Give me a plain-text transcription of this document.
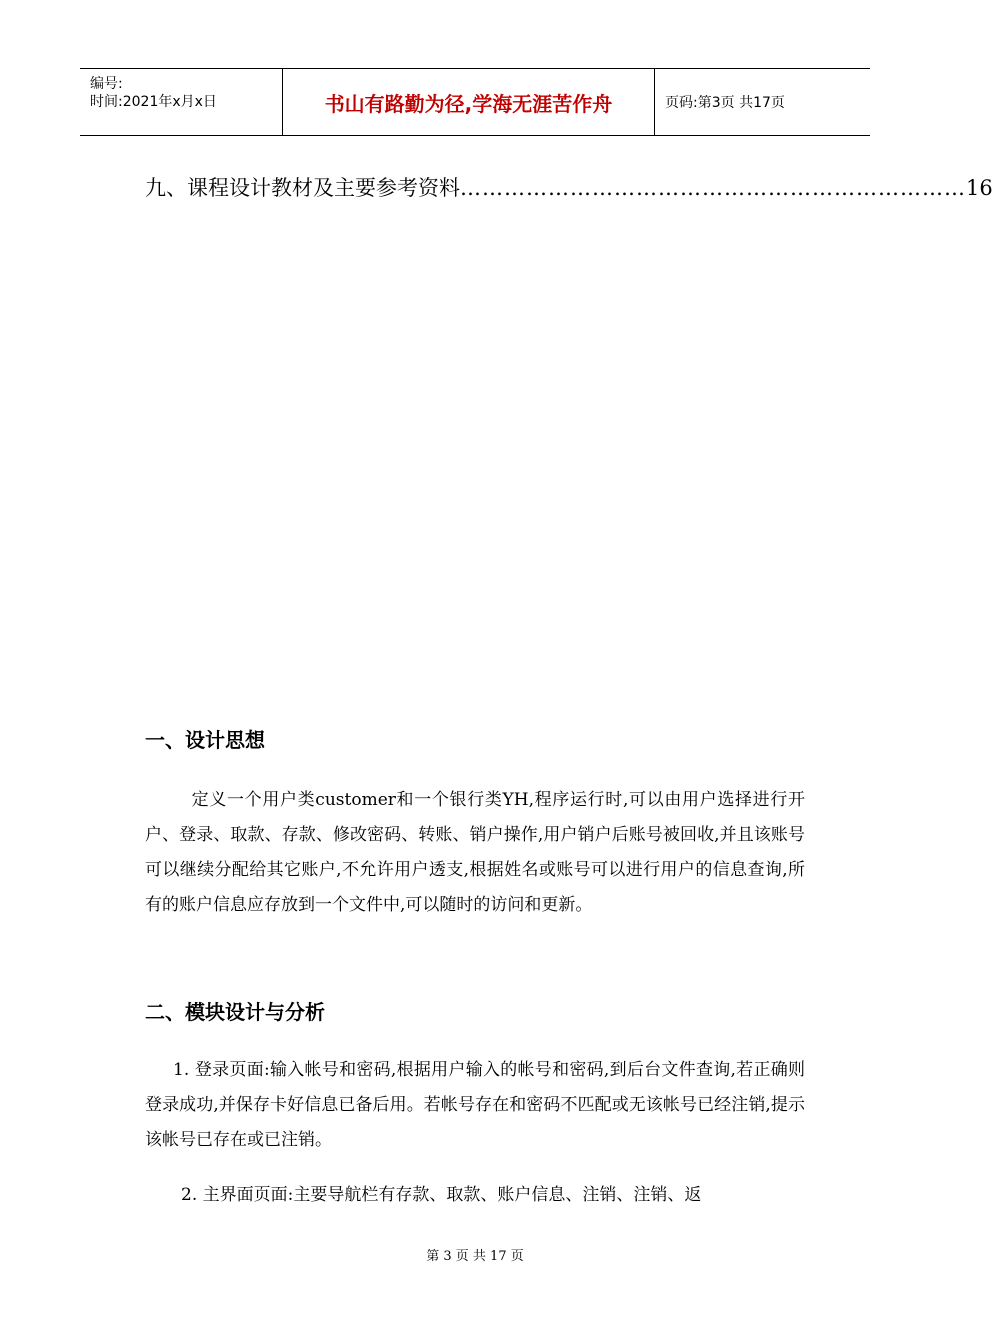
编号:
时间:2021年x月x日	书山有路勤为径,学海无涯苦作舟	页码:第3页 共17页
九、课程设计教材及主要参考资料 …………………………………………………………… 16
一、设计思想

定义一个用户类customer和一个银行类YH,程序运行时,可以由用户选择进行开户、登录、取款、存款、修改密码、转账、销户操作,用户销户后账号被回收,并且该账号可以继续分配给其它账户,不允许用户透支,根据姓名或账号可以进行用户的信息查询,所有的账户信息应存放到一个文件中,可以随时的访问和更新。

二、模块设计与分析

1. 登录页面:输入帐号和密码,根据用户输入的帐号和密码,到后台文件查询,若正确则登录成功,并保存卡好信息已备后用。若帐号存在和密码不匹配或无该帐号已经注销,提示该帐号已存在或已注销。

2. 主界面页面:主要导航栏有存款、取款、账户信息、注销、注销、返

第 3 页 共 17 页
